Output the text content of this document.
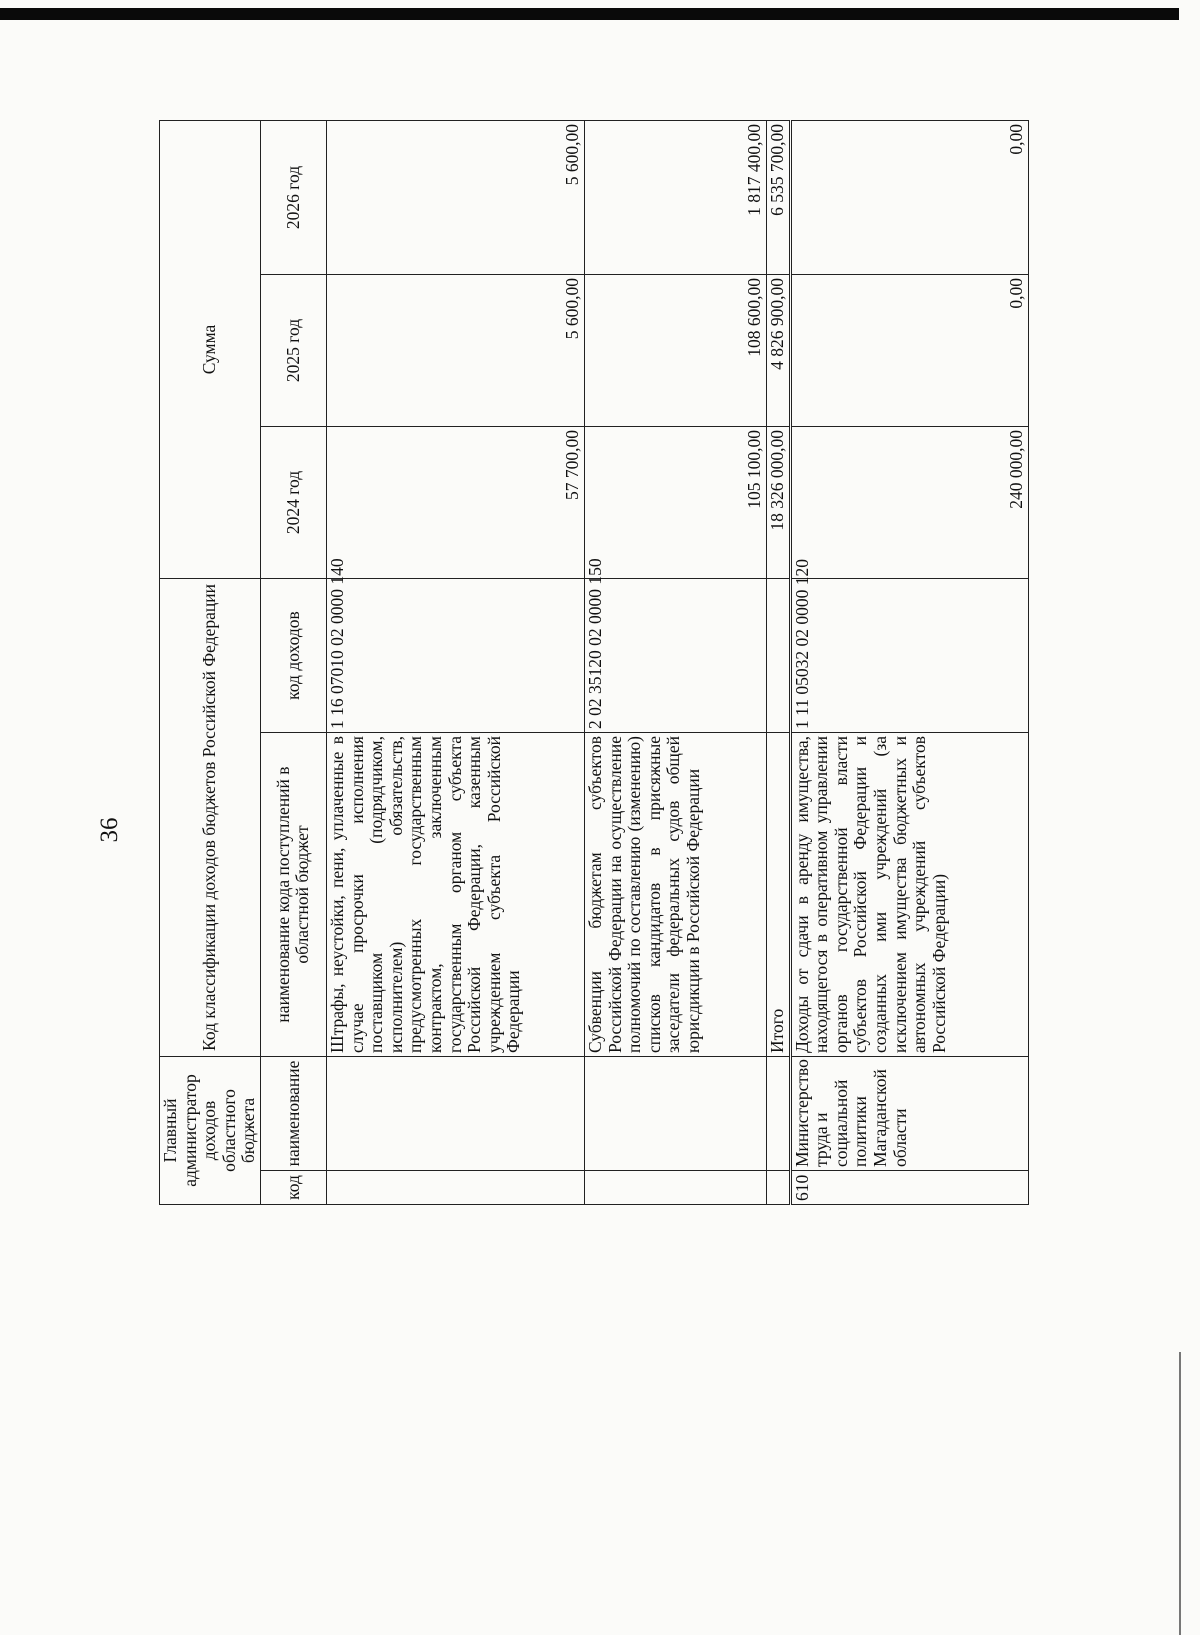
36
Главный администратор доходов областного бюджета		Код классификации доходов бюджетов Российской Федерации		Сумма		
код	наименование	наименование кода поступлений в областной бюджет	код доходов	2024 год	2025 год	2026 год
		Штрафы, неустойки, пени, уплаченные в случае просрочки исполнения поставщиком (подрядчиком, исполнителем) обязательств, предусмотренных государственным контрактом, заключенным государственным органом субъекта Российской Федерации, казенным учреждением субъекта Российской Федерации	1 16 07010 02 0000 140	57 700,00	5 600,00	5 600,00
		Субвенции бюджетам субъектов Российской Федерации на осуществление полномочий по составлению (изменению) списков кандидатов в присяжные заседатели федеральных судов общей юрисдикции в Российской Федерации	2 02 35120 02 0000 150	105 100,00	108 600,00	1 817 400,00
		Итого		18 326 000,00	4 826 900,00	6 535 700,00
610	Министерство труда и социальной политики Магаданской области	Доходы от сдачи в аренду имущества, находящегося в оперативном управлении органов государственной власти субъектов Российской Федерации и созданных ими учреждений (за исключением имущества бюджетных и автономных учреждений субъектов Российской Федерации)	1 11 05032 02 0000 120	240 000,00	0,00	0,00
